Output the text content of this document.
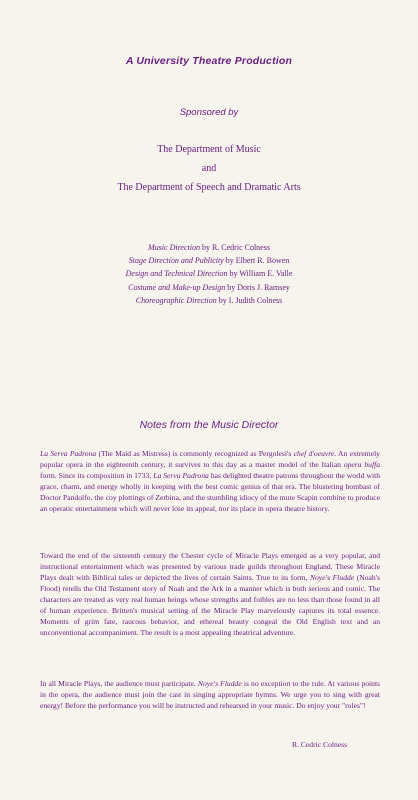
A University Theatre Production
Sponsored by
The Department of Music
and
The Department of Speech and Dramatic Arts
Music Direction by R. Cedric Colness
Stage Direction and Publicity by Elbert R. Bowen
Design and Technical Direction by William E. Valle
Costume and Make-up Design by Doris J. Ramsey
Choreographic Direction by I. Judith Colness
Notes from the Music Director
La Serva Padrona (The Maid as Mistress) is commonly recognized as Pergolesi's chef d'oeuvre. An extremely popular opera in the eighteenth century, it survives to this day as a master model of the Italian opera buffa form. Since its composition in 1733, La Serva Padrona has delighted theatre patrons throughout the world with grace, charm, and energy wholly in keeping with the best comic genius of that era. The blustering bombast of Doctor Pandolfo, the coy plottings of Zerbina, and the stumbling idiocy of the mute Scapin combine to produce an operatic entertainment which will never lose its appeal, nor its place in opera theatre history.
Toward the end of the sixteenth century the Chester cycle of Miracle Plays emerged as a very popular, and instructional entertainment which was presented by various trade guilds throughout England. These Miracle Plays dealt with Biblical tales or depicted the lives of certain Saints. True to its form, Noye's Fludde (Noah's Flood) retells the Old Testament story of Noah and the Ark in a manner which is both serious and comic. The characters are treated as very real human beings whose strengths and foibles are no less than those found in all of human experience. Britten's musical setting of the Miracle Play marvelously captures its total essence. Moments of grim fate, raucous behavior, and ethereal beauty congeal the Old English text and an unconventional accompaniment. The result is a most appealing theatrical adventure.
In all Miracle Plays, the audience must participate. Noye's Fludde is no exception to the rule. At various points in the opera, the audience must join the cast in singing appropriate hymns. We urge you to sing with great energy! Before the performance you will be instructed and rehearsed in your music. Do enjoy your "roles"!
R. Cedric Colness
